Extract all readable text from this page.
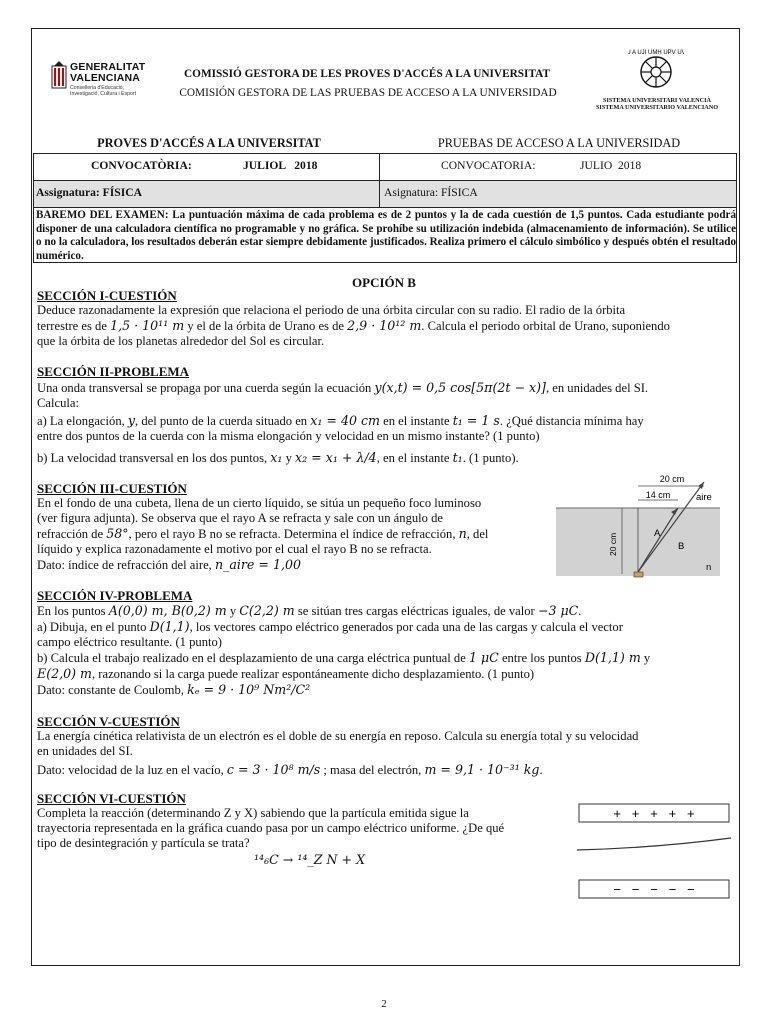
GENERALITAT
VALENCIANA
Conselleria d'Educació,
Investigació, Cultura i Esport
COMISSIÓ GESTORA DE LES PROVES D'ACCÉS A LA UNIVERSITAT
COMISIÓN GESTORA DE LAS PRUEBAS DE ACCESO A LA UNIVERSIDAD
U A UJI UMH UPV UV
SISTEMA UNIVERSITARI VALENCIÀ
SISTEMA UNIVERSITARIO VALENCIANO
PROVES D'ACCÉS A LA UNIVERSITAT	PRUEBAS DE ACCESO A LA UNIVERSIDAD
CONVOCATÒRIA:	JULIOL   2018	CONVOCATORIA:	JULIO  2018
Assignatura: FÍSICA	Asignatura: FÍSICA
BAREMO DEL EXAMEN: La puntuación máxima de cada problema es de 2 puntos y la de cada cuestión de 1,5 puntos. Cada estudiante podrá disponer de una calculadora científica no programable y no gráfica. Se prohíbe su utilización indebida (almacenamiento de información). Se utilice o no la calculadora, los resultados deberán estar siempre debidamente justificados. Realiza primero el cálculo simbólico y después obtén el resultado numérico.
OPCIÓN B
SECCIÓN I-CUESTIÓN
Deduce razonadamente la expresión que relaciona el periodo de una órbita circular con su radio. El radio de la órbita
terrestre es de 1,5 · 10¹¹ m y el de la órbita de Urano es de 2,9 · 10¹² m. Calcula el periodo orbital de Urano, suponiendo
que la órbita de los planetas alrededor del Sol es circular.
SECCIÓN II-PROBLEMA
Una onda transversal se propaga por una cuerda según la ecuación y(x,t) = 0,5 cos[5π(2t − x)], en unidades del SI.
Calcula:
a) La elongación, y, del punto de la cuerda situado en x₁ = 40 cm en el instante t₁ = 1 s. ¿Qué distancia mínima hay
entre dos puntos de la cuerda con la misma elongación y velocidad en un mismo instante? (1 punto)
b) La velocidad transversal en los dos puntos, x₁ y x₂ = x₁ + λ/4, en el instante t₁. (1 punto).
SECCIÓN III-CUESTIÓN
En el fondo de una cubeta, llena de un cierto líquido, se sitúa un pequeño foco luminoso
(ver figura adjunta). Se observa que el rayo A se refracta y sale con un ángulo de
refracción de 58°, pero el rayo B no se refracta. Determina el índice de refracción, n, del
líquido y explica razonadamente el motivo por el cual el rayo B no se refracta.
Dato: índice de refracción del aire, n_aire = 1,00
20 cm
14 cm	aire
A
B
20 cm
n
SECCIÓN IV-PROBLEMA
En los puntos A(0,0) m, B(0,2) m y C(2,2) m se sitúan tres cargas eléctricas iguales, de valor −3 μC.
a) Dibuja, en el punto D(1,1), los vectores campo eléctrico generados por cada una de las cargas y calcula el vector
campo eléctrico resultante. (1 punto)
b) Calcula el trabajo realizado en el desplazamiento de una carga eléctrica puntual de 1 μC entre los puntos D(1,1) m y
E(2,0) m, razonando si la carga puede realizar espontáneamente dicho desplazamiento. (1 punto)
Dato: constante de Coulomb, kₑ = 9 · 10⁹ Nm²/C²
SECCIÓN V-CUESTIÓN
La energía cinética relativista de un electrón es el doble de su energía en reposo. Calcula su energía total y su velocidad
en unidades del SI.
Dato: velocidad de la luz en el vacío, c = 3 · 10⁸ m/s ; masa del electrón, m = 9,1 · 10⁻³¹ kg.
SECCIÓN VI-CUESTIÓN
Completa la reacción (determinando Z y X) sabiendo que la partícula emitida sigue la
trayectoria representada en la gráfica cuando pasa por un campo eléctrico uniforme. ¿De qué
tipo de desintegración y partícula se trata?
¹⁴₆C → ¹⁴_Z N + X
+   +   +   +   +
−   −   −   −   −
2
